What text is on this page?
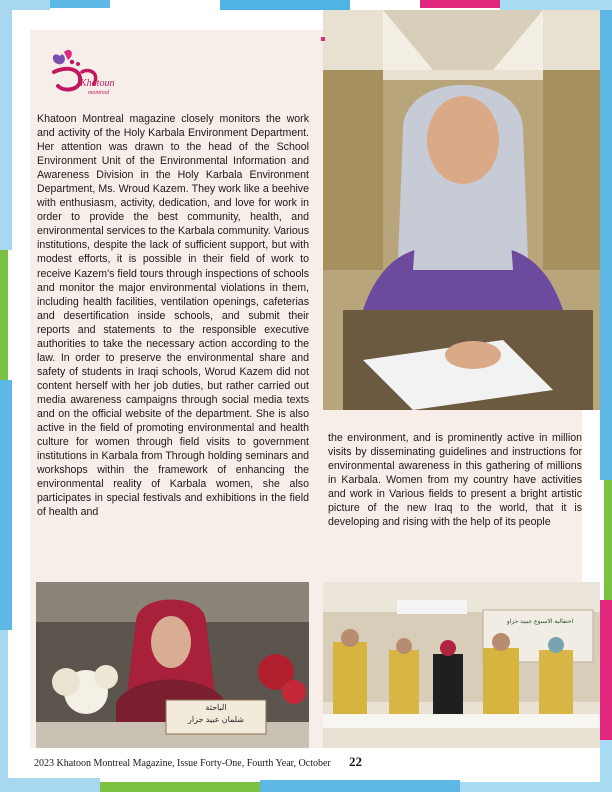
Khatoun
montreal
Khatoon Montreal magazine closely monitors the work and activity of the Holy Karbala Environment Department. Her attention was drawn to the head of the School Environment Unit of the Environmental Information and Awareness Division in the Holy Karbala Environment Department, Ms. Wroud Kazem. They work like a beehive with enthusiasm, activity, dedication, and love for work in order to provide the best community, health, and environmental services to the Karbala community. Various institutions, despite the lack of sufficient support, but with modest efforts, it is possible in their field of work to receive Kazem's field tours through inspections of schools and monitor the major environmental violations in them, including health facilities, ventilation openings, cafeterias and desertification inside schools, and submit their reports and statements to the responsible executive authorities to take the necessary action according to the law. In order to preserve the environmental share and safety of students in Iraqi schools, Worud Kazem did not content herself with her job duties, but rather carried out media awareness campaigns through social media texts and on the official website of the department. She is also active in the field of promoting environmental and health culture for women through field visits to government institutions in Karbala from Through holding seminars and workshops within the framework of enhancing the environmental reality of Karbala women, she also participates in special festivals and exhibitions in the field of health and
the environment, and is prominently active in million visits by disseminating guidelines and instructions for environmental awareness in this gathering of millions in Karbala. Women from my country have activities and work in Various fields to present a bright artistic picture of the new Iraq to the world, that it is developing and rising with the help of its people
الباحثة
شلمان عبيد جزار
احتفالية الاسبوع عيبيد حزاو
2023 Khatoon Montreal Magazine, Issue Forty-One, Fourth Year, October 22
